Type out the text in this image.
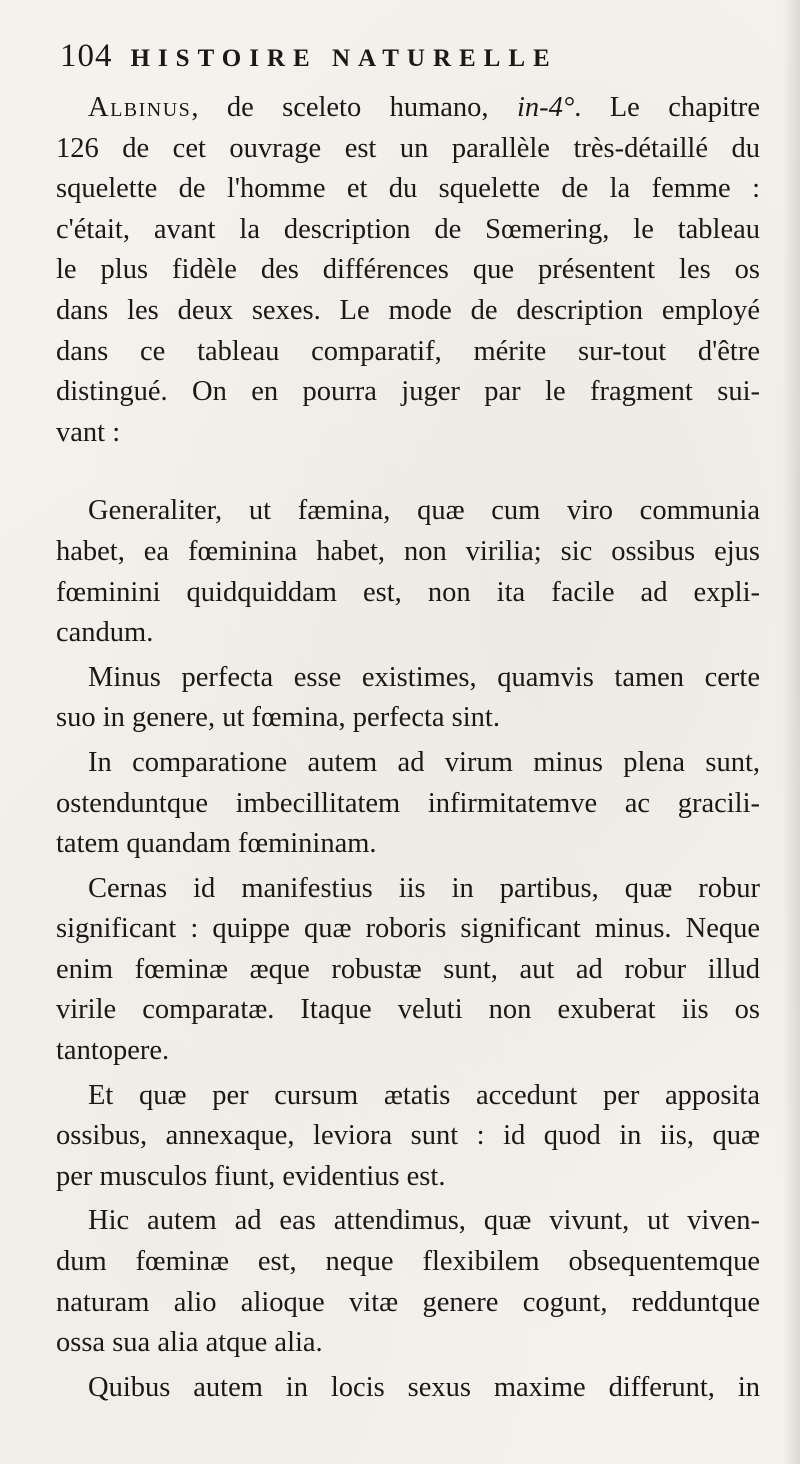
104 HISTOIRE NATURELLE
Albinus, de sceleto humano, in-4°. Le chapitre
126 de cet ouvrage est un parallèle très-détaillé du
squelette de l'homme et du squelette de la femme :
c'était, avant la description de Sœmering, le tableau
le plus fidèle des différences que présentent les os
dans les deux sexes. Le mode de description employé
dans ce tableau comparatif, mérite sur-tout d'être
distingué. On en pourra juger par le fragment sui-
vant :
Generaliter, ut fæmina, quæ cum viro communia
habet, ea fœminina habet, non virilia; sic ossibus ejus
fœminini quidquiddam est, non ita facile ad expli-
candum.
Minus perfecta esse existimes, quamvis tamen certe
suo in genere, ut fœmina, perfecta sint.
In comparatione autem ad virum minus plena sunt,
ostenduntque imbecillitatem infirmitatemve ac gracili-
tatem quandam fœmininam.
Cernas id manifestius iis in partibus, quæ robur
significant : quippe quæ roboris significant minus. Neque
enim fœminæ æque robustæ sunt, aut ad robur illud
virile comparatæ. Itaque veluti non exuberat iis os
tantopere.
Et quæ per cursum ætatis accedunt per apposita
ossibus, annexaque, leviora sunt : id quod in iis, quæ
per musculos fiunt, evidentius est.
Hic autem ad eas attendimus, quæ vivunt, ut viven-
dum fœminæ est, neque flexibilem obsequentemque
naturam alio alioque vitæ genere cogunt, redduntque
ossa sua alia atque alia.
Quibus autem in locis sexus maxime differunt, in
